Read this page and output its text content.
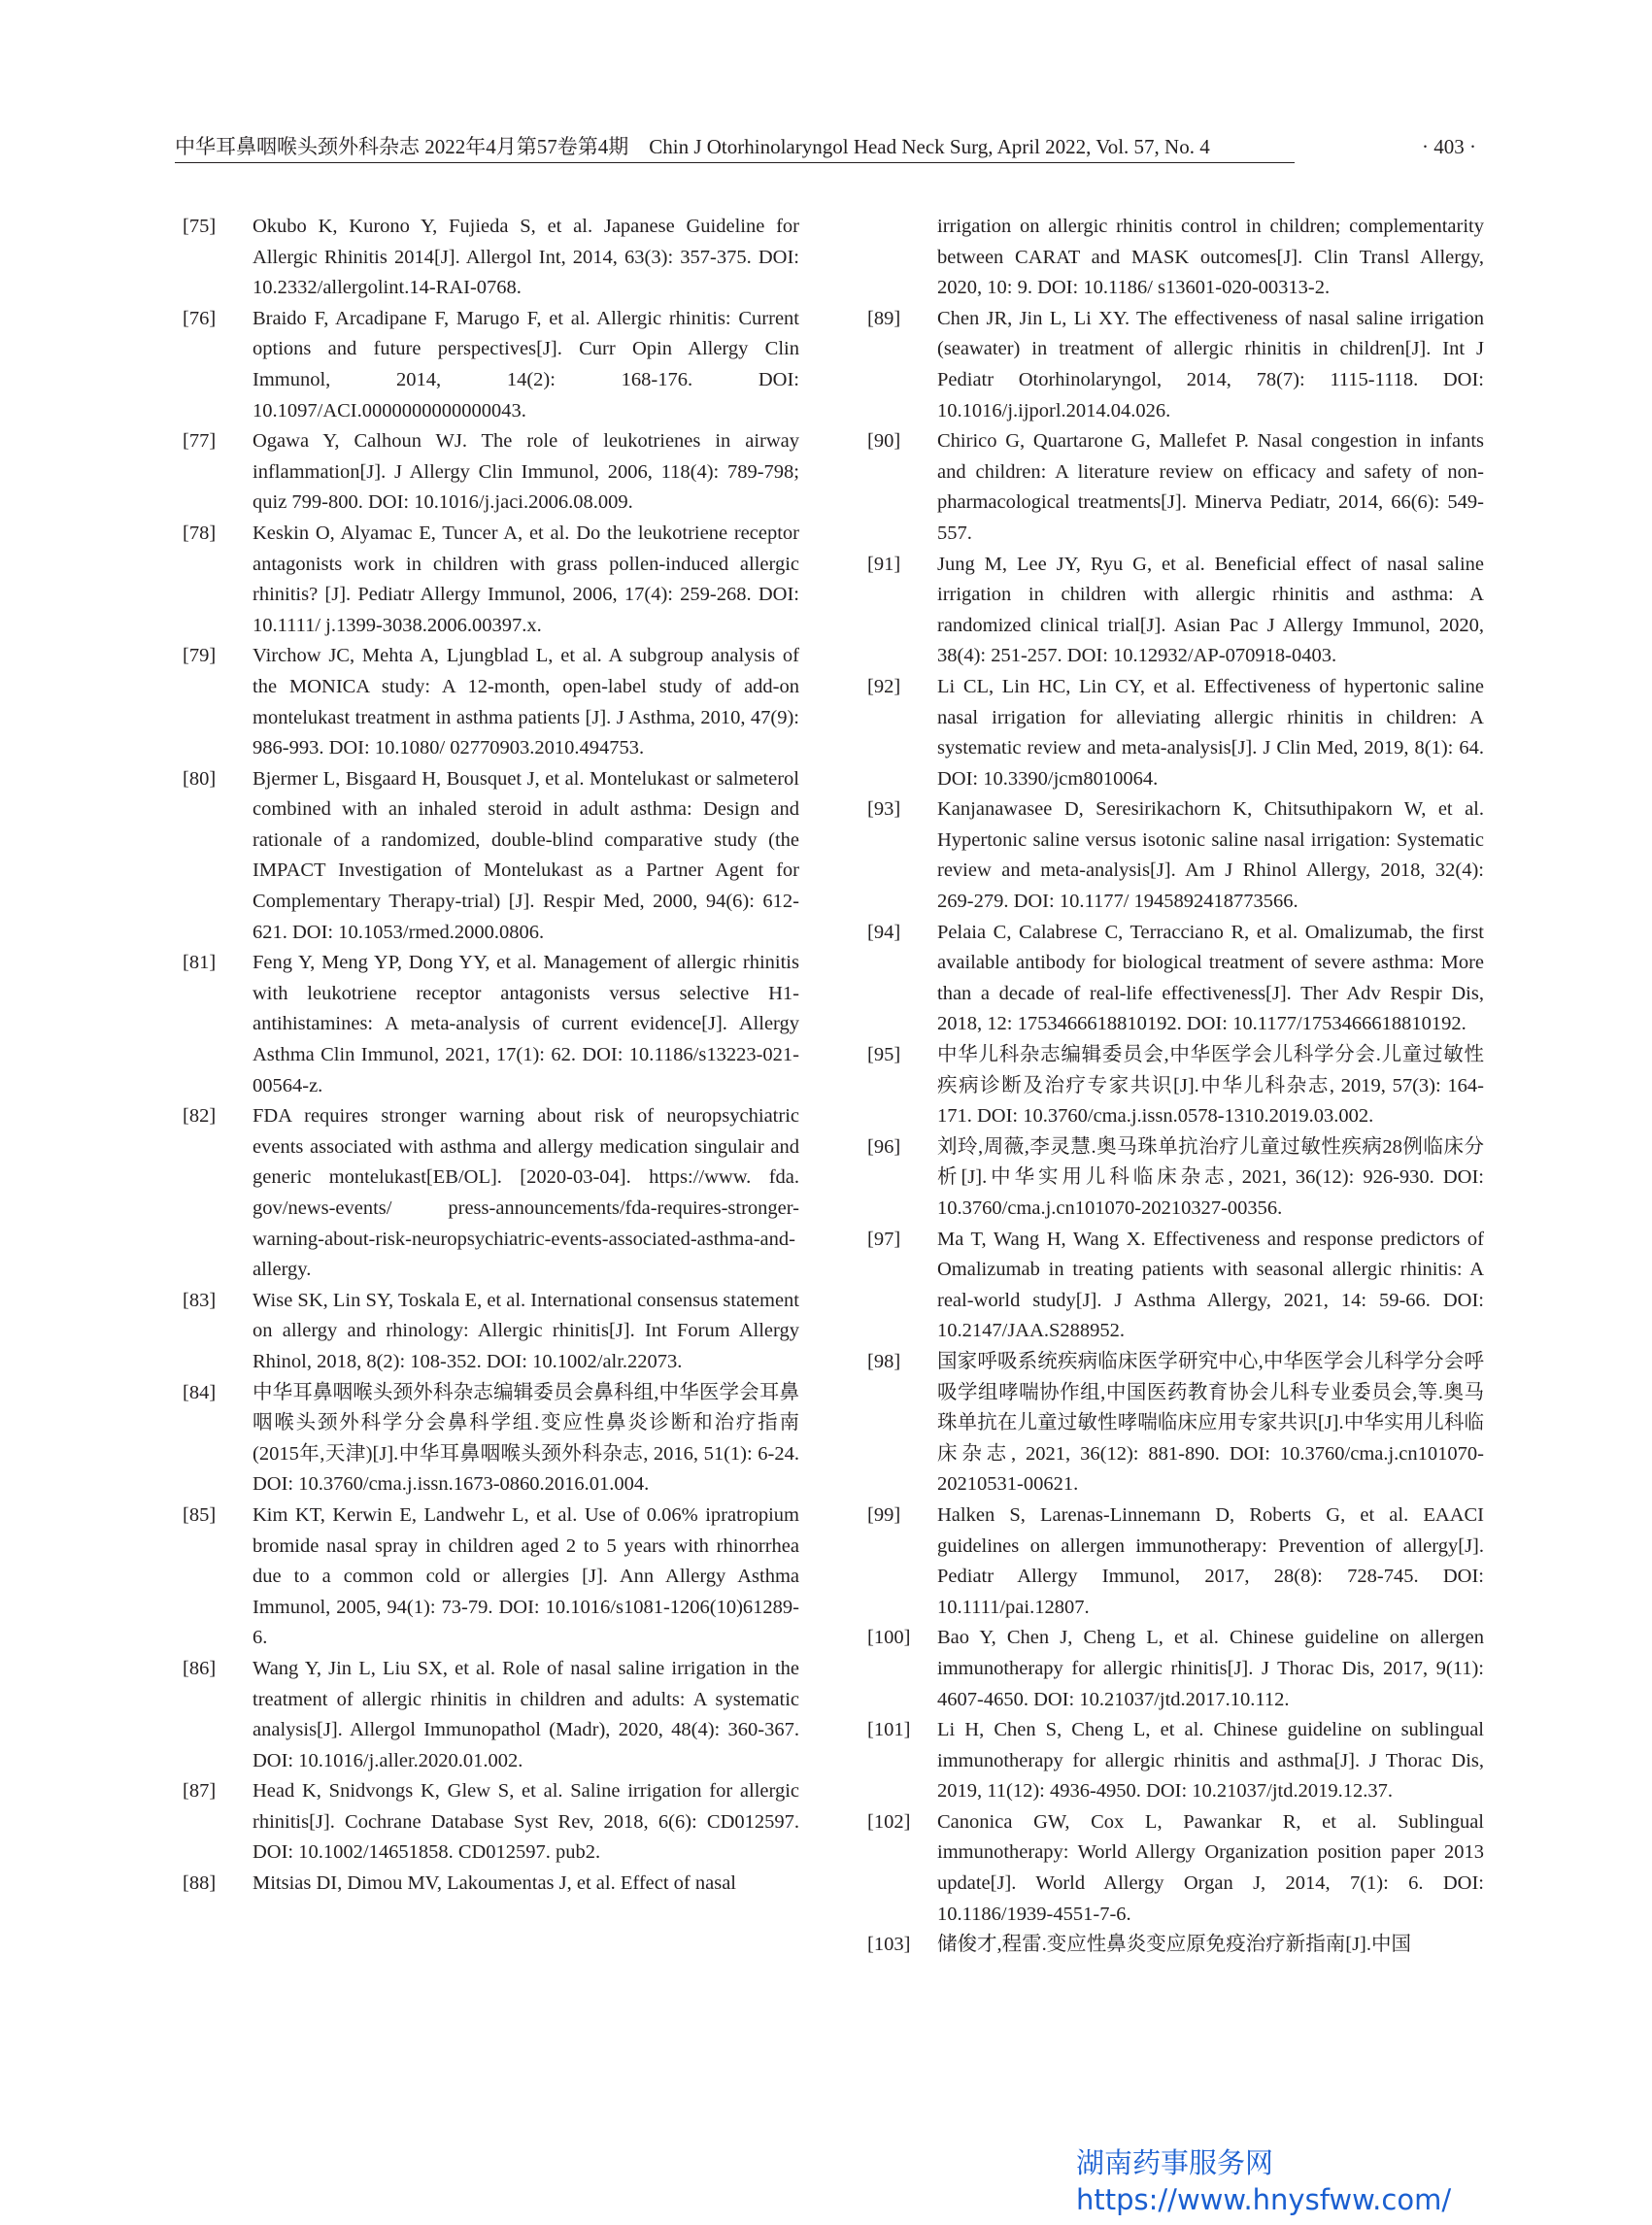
中华耳鼻咽喉头颈外科杂志 2022年4月第57卷第4期　Chin J Otorhinolaryngol Head Neck Surg, April 2022, Vol. 57, No. 4	· 403 ·
[75]	Okubo K, Kurono Y, Fujieda S, et al. Japanese Guideline for Allergic Rhinitis 2014[J]. Allergol Int, 2014, 63(3): 357-375. DOI: 10.2332/allergolint.14-RAI-0768.
[76]	Braido F, Arcadipane F, Marugo F, et al. Allergic rhinitis: Current options and future perspectives[J]. Curr Opin Allergy Clin Immunol, 2014, 14(2): 168-176. DOI: 10.1097/ACI.0000000000000043.
[77]	Ogawa Y, Calhoun WJ. The role of leukotrienes in airway inflammation[J]. J Allergy Clin Immunol, 2006, 118(4): 789-798; quiz 799-800. DOI: 10.1016/j.jaci.2006.08.009.
[78]	Keskin O, Alyamac E, Tuncer A, et al. Do the leukotriene receptor antagonists work in children with grass pollen-induced allergic rhinitis? [J]. Pediatr Allergy Immunol, 2006, 17(4): 259-268. DOI: 10.1111/ j.1399-3038.2006.00397.x.
[79]	Virchow JC, Mehta A, Ljungblad L, et al. A subgroup analysis of the MONICA study: A 12-month, open-label study of add-on montelukast treatment in asthma patients [J]. J Asthma, 2010, 47(9): 986-993. DOI: 10.1080/ 02770903.2010.494753.
[80]	Bjermer L, Bisgaard H, Bousquet J, et al. Montelukast or salmeterol combined with an inhaled steroid in adult asthma: Design and rationale of a randomized, double-blind comparative study (the IMPACT Investigation of Montelukast as a Partner Agent for Complementary Therapy-trial) [J]. Respir Med, 2000, 94(6): 612-621. DOI: 10.1053/rmed.2000.0806.
[81]	Feng Y, Meng YP, Dong YY, et al. Management of allergic rhinitis with leukotriene receptor antagonists versus selective H1-antihistamines: A meta-analysis of current evidence[J]. Allergy Asthma Clin Immunol, 2021, 17(1): 62. DOI: 10.1186/s13223-021-00564-z.
[82]	FDA requires stronger warning about risk of neuropsychiatric events associated with asthma and allergy medication singulair and generic montelukast[EB/OL]. [2020-03-04]. https://www. fda. gov/news-events/ press-announcements/fda-requires-stronger-warning-about-risk-neuropsychiatric-events-associated-asthma-and-allergy.
[83]	Wise SK, Lin SY, Toskala E, et al. International consensus statement on allergy and rhinology: Allergic rhinitis[J]. Int Forum Allergy Rhinol, 2018, 8(2): 108-352. DOI: 10.1002/alr.22073.
[84]	中华耳鼻咽喉头颈外科杂志编辑委员会鼻科组,中华医学会耳鼻咽喉头颈外科学分会鼻科学组.变应性鼻炎诊断和治疗指南(2015年,天津)[J].中华耳鼻咽喉头颈外科杂志, 2016, 51(1): 6-24. DOI: 10.3760/cma.j.issn.1673-0860.2016.01.004.
[85]	Kim KT, Kerwin E, Landwehr L, et al. Use of 0.06% ipratropium bromide nasal spray in children aged 2 to 5 years with rhinorrhea due to a common cold or allergies [J]. Ann Allergy Asthma Immunol, 2005, 94(1): 73-79. DOI: 10.1016/s1081-1206(10)61289-6.
[86]	Wang Y, Jin L, Liu SX, et al. Role of nasal saline irrigation in the treatment of allergic rhinitis in children and adults: A systematic analysis[J]. Allergol Immunopathol (Madr), 2020, 48(4): 360-367. DOI: 10.1016/j.aller.2020.01.002.
[87]	Head K, Snidvongs K, Glew S, et al. Saline irrigation for allergic rhinitis[J]. Cochrane Database Syst Rev, 2018, 6(6): CD012597. DOI: 10.1002/14651858. CD012597. pub2.
[88]	Mitsias DI, Dimou MV, Lakoumentas J, et al. Effect of nasal
irrigation on allergic rhinitis control in children; complementarity between CARAT and MASK outcomes[J]. Clin Transl Allergy, 2020, 10: 9. DOI: 10.1186/ s13601-020-00313-2.
[89]	Chen JR, Jin L, Li XY. The effectiveness of nasal saline irrigation (seawater) in treatment of allergic rhinitis in children[J]. Int J Pediatr Otorhinolaryngol, 2014, 78(7): 1115-1118. DOI: 10.1016/j.ijporl.2014.04.026.
[90]	Chirico G, Quartarone G, Mallefet P. Nasal congestion in infants and children: A literature review on efficacy and safety of non-pharmacological treatments[J]. Minerva Pediatr, 2014, 66(6): 549-557.
[91]	Jung M, Lee JY, Ryu G, et al. Beneficial effect of nasal saline irrigation in children with allergic rhinitis and asthma: A randomized clinical trial[J]. Asian Pac J Allergy Immunol, 2020, 38(4): 251-257. DOI: 10.12932/AP-070918-0403.
[92]	Li CL, Lin HC, Lin CY, et al. Effectiveness of hypertonic saline nasal irrigation for alleviating allergic rhinitis in children: A systematic review and meta-analysis[J]. J Clin Med, 2019, 8(1): 64. DOI: 10.3390/jcm8010064.
[93]	Kanjanawasee D, Seresirikachorn K, Chitsuthipakorn W, et al. Hypertonic saline versus isotonic saline nasal irrigation: Systematic review and meta-analysis[J]. Am J Rhinol Allergy, 2018, 32(4): 269-279. DOI: 10.1177/ 1945892418773566.
[94]	Pelaia C, Calabrese C, Terracciano R, et al. Omalizumab, the first available antibody for biological treatment of severe asthma: More than a decade of real-life effectiveness[J]. Ther Adv Respir Dis, 2018, 12: 1753466618810192. DOI: 10.1177/1753466618810192.
[95]	中华儿科杂志编辑委员会,中华医学会儿科学分会.儿童过敏性疾病诊断及治疗专家共识[J].中华儿科杂志, 2019, 57(3): 164-171. DOI: 10.3760/cma.j.issn.0578-1310.2019.03.002.
[96]	刘玲,周薇,李灵慧.奥马珠单抗治疗儿童过敏性疾病28例临床分析[J].中华实用儿科临床杂志, 2021, 36(12): 926-930. DOI: 10.3760/cma.j.cn101070-20210327-00356.
[97]	Ma T, Wang H, Wang X. Effectiveness and response predictors of Omalizumab in treating patients with seasonal allergic rhinitis: A real-world study[J]. J Asthma Allergy, 2021, 14: 59-66. DOI: 10.2147/JAA.S288952.
[98]	国家呼吸系统疾病临床医学研究中心,中华医学会儿科学分会呼吸学组哮喘协作组,中国医药教育协会儿科专业委员会,等.奥马珠单抗在儿童过敏性哮喘临床应用专家共识[J].中华实用儿科临床杂志, 2021, 36(12): 881-890. DOI: 10.3760/cma.j.cn101070-20210531-00621.
[99]	Halken S, Larenas-Linnemann D, Roberts G, et al. EAACI guidelines on allergen immunotherapy: Prevention of allergy[J]. Pediatr Allergy Immunol, 2017, 28(8): 728-745. DOI: 10.1111/pai.12807.
[100]	Bao Y, Chen J, Cheng L, et al. Chinese guideline on allergen immunotherapy for allergic rhinitis[J]. J Thorac Dis, 2017, 9(11): 4607-4650. DOI: 10.21037/jtd.2017.10.112.
[101]	Li H, Chen S, Cheng L, et al. Chinese guideline on sublingual immunotherapy for allergic rhinitis and asthma[J]. J Thorac Dis, 2019, 11(12): 4936-4950. DOI: 10.21037/jtd.2019.12.37.
[102]	Canonica GW, Cox L, Pawankar R, et al. Sublingual immunotherapy: World Allergy Organization position paper 2013 update[J]. World Allergy Organ J, 2014, 7(1): 6. DOI: 10.1186/1939-4551-7-6.
[103]	储俊才,程雷.变应性鼻炎变应原免疫治疗新指南[J].中国
湖南药事服务网
https://www.hnysfww.com/
